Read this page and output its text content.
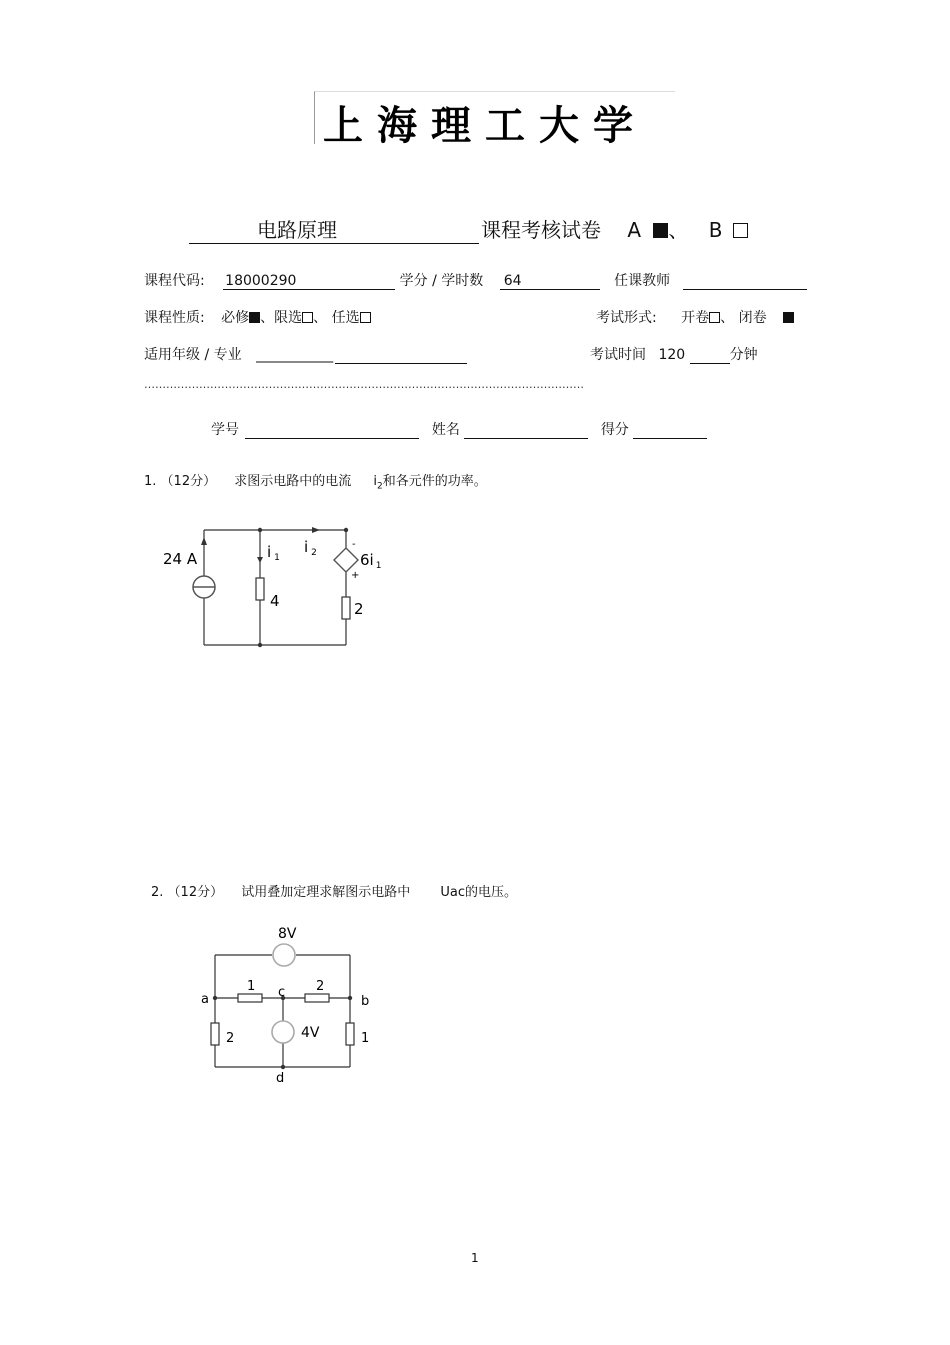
上海理工大学
电路原理	课程考核试卷 A 、 B
课程代码: 18000290	学分 / 学时数 64	任课教师
课程性质: 必修 、限选 、 任选	考试形式: 开卷 、 闭卷
适用年级 / 专业 ___________	考试时间 120	分钟
…………………………………………………………………………………………………………
学号	姓名	得分
1. （12分） 求图示电路中的电流 $i_2$和各元件的功率。
24 A	i $_1$
i $_2$	6i $_1$
-
+
4	2
2. （12分） 试用叠加定理求解图示电路中 Uac的电压。
8V
4V
1	2
2	1
a	b
c
d
1
